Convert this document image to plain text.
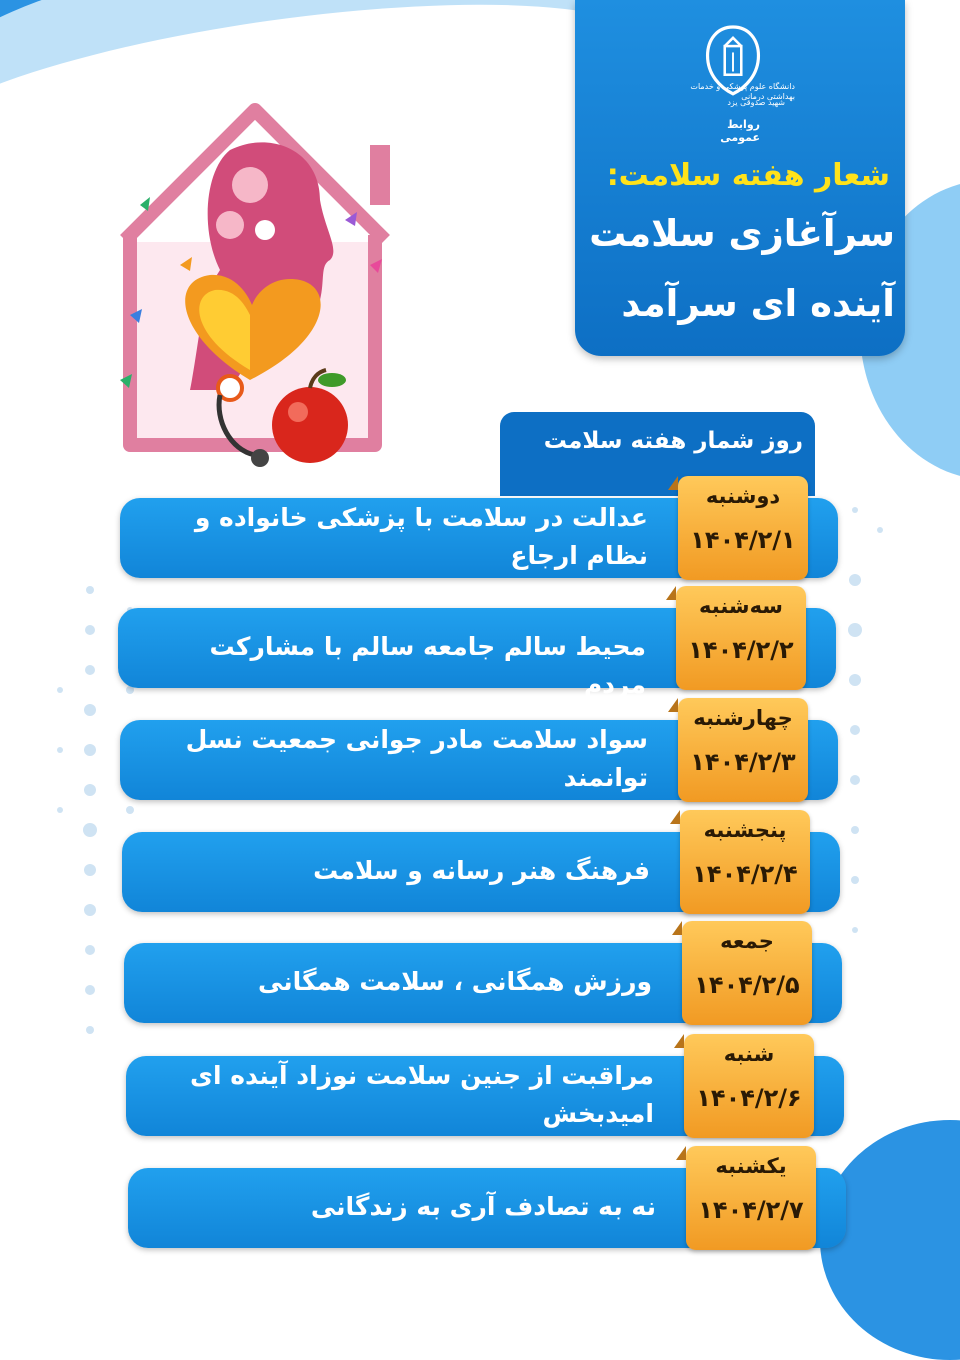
دانشگاه علوم پزشکی و خدمات بهداشتی درمانی
شهید صدوقی یزد
روابط عمومی
شعار هفته سلامت:
سرآغازی سلامت
آینده ای سرآمد
روز شمار هفته سلامت
عدالت در سلامت با پزشکی خانواده و نظام ارجاع
دوشنبه
۱۴۰۴/۲/۱
محیط سالم جامعه سالم با مشارکت مردم
سه‌شنبه
۱۴۰۴/۲/۲
سواد سلامت مادر جوانی جمعیت نسل توانمند
چهارشنبه
۱۴۰۴/۲/۳
فرهنگ هنر رسانه و سلامت
پنجشنبه
۱۴۰۴/۲/۴
ورزش همگانی ، سلامت همگانی
جمعه
۱۴۰۴/۲/۵
مراقبت از جنین سلامت نوزاد آینده ای امیدبخش
شنبه
۱۴۰۴/۲/۶
نه به تصادف آری به زندگانی
یکشنبه
۱۴۰۴/۲/۷
